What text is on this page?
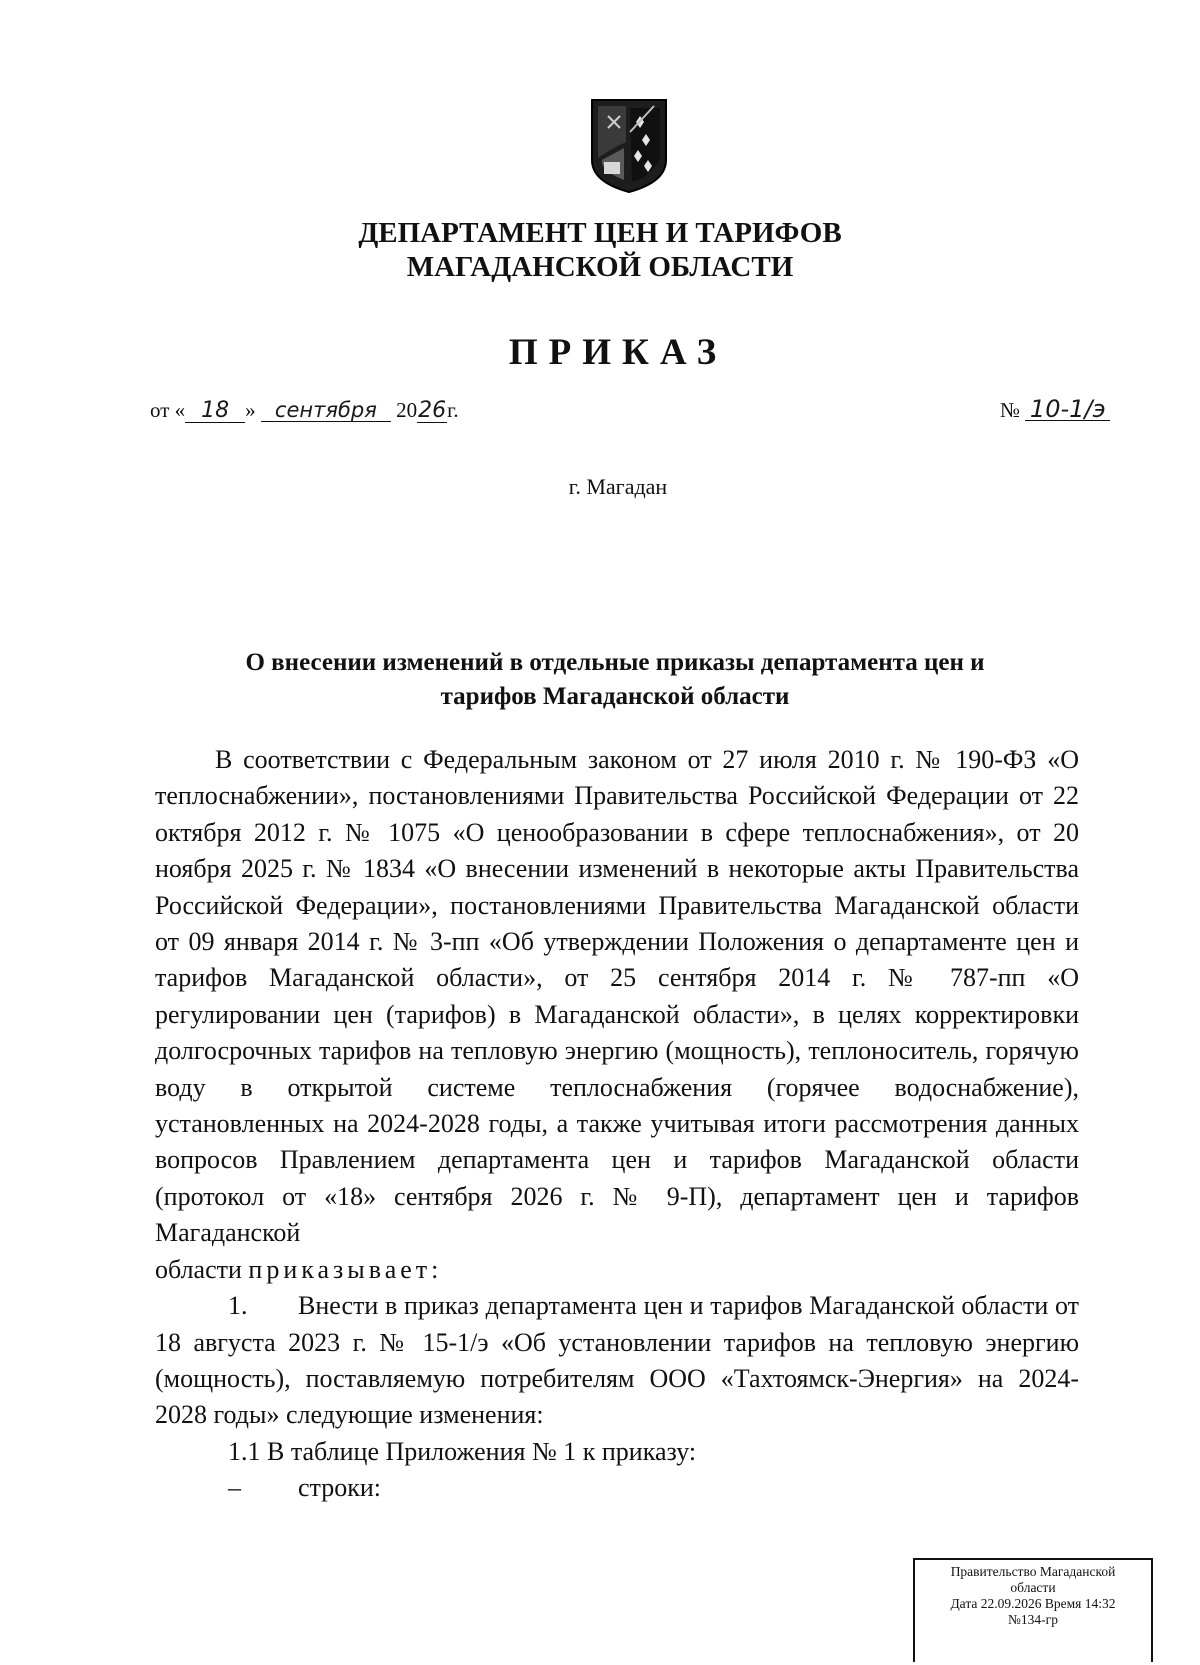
ДЕПАРТАМЕНТ ЦЕН И ТАРИФОВ
МАГАДАНСКОЙ ОБЛАСТИ
ПРИКАЗ
от « 18 » сентября 2026г.	№ 10-1/э
г. Магадан
О внесении изменений в отдельные приказы департамента цен и
тарифов Магаданской области

В соответствии с Федеральным законом от 27 июля 2010 г. № 190-ФЗ «О теплоснабжении», постановлениями Правительства Российской Федерации от 22 октября 2012 г. № 1075 «О ценообразовании в сфере теплоснабжения», от 20 ноября 2025 г. № 1834 «О внесении изменений в некоторые акты Правительства Российской Федерации», постановлениями Правительства Магаданской области от 09 января 2014 г. № 3-пп «Об утверждении Положения о департаменте цен и тарифов Магаданской области», от 25 сентября 2014 г. № 787-пп «О регулировании цен (тарифов) в Магаданской области», в целях корректировки долгосрочных тарифов на тепловую энергию (мощность), теплоноситель, горячую воду в открытой системе теплоснабжения (горячее водоснабжение), установленных на 2024-2028 годы, а также учитывая итоги рассмотрения данных вопросов Правлением департамента цен и тарифов Магаданской области (протокол от «18» сентября 2026 г. № 9-П), департамент цен и тарифов Магаданской

области приказывает:

1. Внести в приказ департамента цен и тарифов Магаданской области от 18 августа 2023 г. № 15-1/э «Об установлении тарифов на тепловую энергию (мощность), поставляемую потребителям ООО «Тахтоямск-Энергия» на 2024-2028 годы» следующие изменения:

1.1 В таблице Приложения № 1 к приказу:

– строки:

Правительство Магаданской
области
Дата 22.09.2026 Время 14:32
№134-гр
